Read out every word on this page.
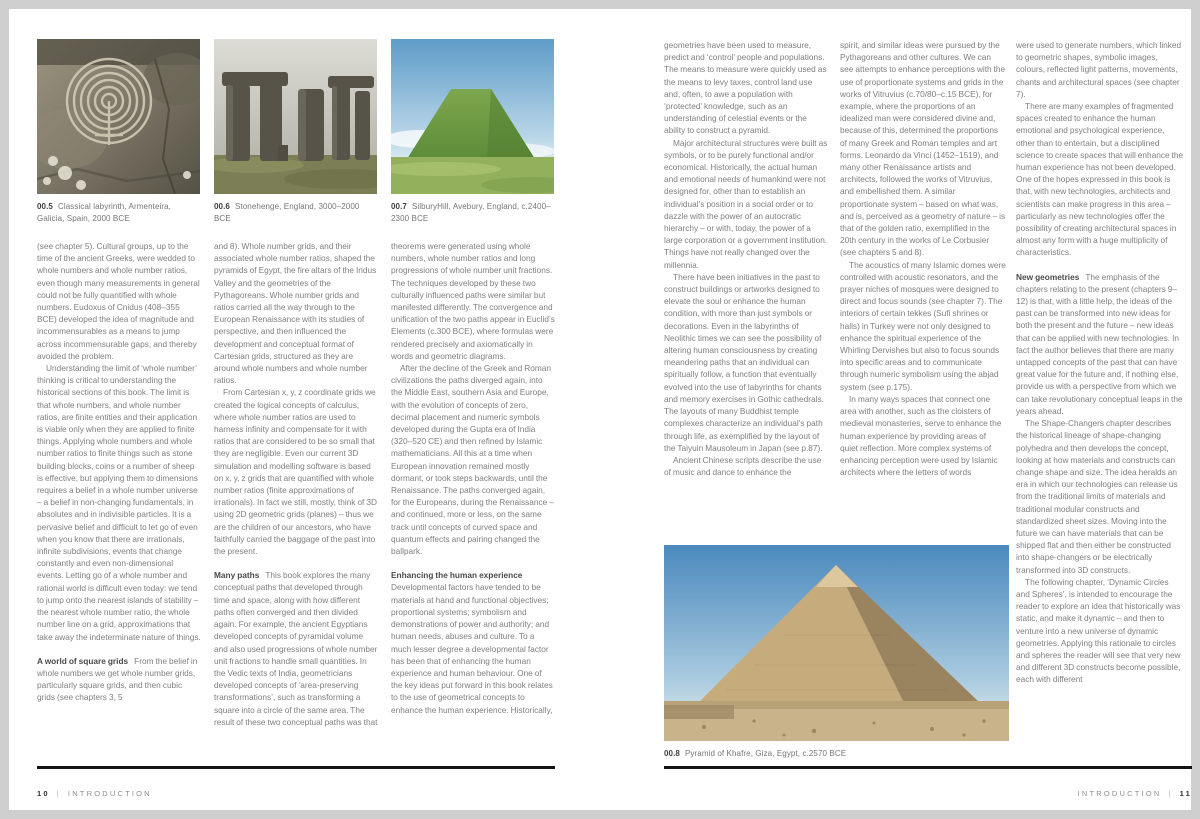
00.5 Classical labyrinth, Armenteira, Galicia, Spain, 2000 BCE
00.6 Stonehenge, England, 3000–2000 BCE
00.7 SilburyHill, Avebury, England, c.2400–2300 BCE

(see chapter 5). Cultural groups, up to the time of the ancient Greeks, were wedded to whole numbers and whole number ratios, even though many measurements in general could not be fully quantified with whole numbers. Eudoxus of Cnidus (408–355 BCE) developed the idea of magnitude and incommensurables as a means to jump across incommensurable gaps, and thereby avoided the problem.

Understanding the limit of ‘whole number’ thinking is critical to understanding the historical sections of this book. The limit is that whole numbers, and whole number ratios, are finite entities and their application is viable only when they are applied to finite things. Applying whole numbers and whole number ratios to finite things such as stone building blocks, coins or a number of sheep is effective, but applying them to dimensions requires a belief in a whole number universe – a belief in non-changing fundamentals, in absolutes and in indivisible particles. It is a pervasive belief and difficult to let go of even when you know that there are irrationals, infinite subdivisions, events that change constantly and even non-dimensional events. Letting go of a whole number and rational world is difficult even today: we tend to jump onto the nearest islands of stability – the nearest whole number ratio, the whole number line on a grid, approximations that take away the indeterminate nature of things.

A world of square grids From the belief in whole numbers we get whole number grids, particularly square grids, and then cubic grids (see chapters 3, 5

and 8). Whole number grids, and their associated whole number ratios, shaped the pyramids of Egypt, the fire altars of the Indus Valley and the geometries of the Pythagoreans. Whole number grids and ratios carried all the way through to the European Renaissance with its studies of perspective, and then influenced the development and conceptual format of Cartesian grids, structured as they are around whole numbers and whole number ratios.

From Cartesian x, y, z coordinate grids we created the logical concepts of calculus, where whole number ratios are used to harness infinity and compensate for it with ratios that are considered to be so small that they are negligible. Even our current 3D simulation and modelling software is based on x, y, z grids that are quantified with whole number ratios (finite approximations of irrationals). In fact we still, mostly, think of 3D using 2D geometric grids (planes) – thus we are the children of our ancestors, who have faithfully carried the baggage of the past into the present.

Many paths This book explores the many conceptual paths that developed through time and space, along with how different paths often converged and then divided again. For example, the ancient Egyptians developed concepts of pyramidal volume and also used progressions of whole number unit fractions to handle small quantities. In the Vedic texts of India, geometricians developed concepts of ‘area-preserving transformations’, such as transforming a square into a circle of the same area. The result of these two conceptual paths was that

theorems were generated using whole numbers, whole number ratios and long progressions of whole number unit fractions. The techniques developed by these two culturally influenced paths were similar but manifested differently. The convergence and unification of the two paths appear in Euclid’s Elements (c.300 BCE), where formulas were rendered precisely and axiomatically in words and geometric diagrams.

After the decline of the Greek and Roman civilizations the paths diverged again, into the Middle East, southern Asia and Europe, with the evolution of concepts of zero, decimal placement and numeric symbols developed during the Gupta era of India (320–520 CE) and then refined by Islamic mathematicians. All this at a time when European innovation remained mostly dormant, or took steps backwards, until the Renaissance. The paths converged again, for the Europeans, during the Renaissance – and continued, more or less, on the same track until concepts of curved space and quantum effects and pairing changed the ballpark.

Enhancing the human experience
Developmental factors have tended to be materials at hand and functional objectives; proportional systems; symbolism and demonstrations of power and authority; and human needs, abuses and culture. To a much lesser degree a developmental factor has been that of enhancing the human experience and human behaviour. One of the key ideas put forward in this book relates to the use of geometrical concepts to enhance the human experience. Historically,

10 | INTRODUCTION

geometries have been used to measure, predict and ‘control’ people and populations. The means to measure were quickly used as the means to levy taxes, control land use and, often, to awe a population with ‘protected’ knowledge, such as an understanding of celestial events or the ability to construct a pyramid.

Major architectural structures were built as symbols, or to be purely functional and/or economical. Historically, the actual human and emotional needs of humankind were not designed for, other than to establish an individual’s position in a social order or to dazzle with the power of an autocratic hierarchy – or with, today, the power of a large corporation or a government institution. Things have not really changed over the millennia.

There have been initiatives in the past to construct buildings or artworks designed to elevate the soul or enhance the human condition, with more than just symbols or decorations. Even in the labyrinths of Neolithic times we can see the possibility of altering human consciousness by creating meandering paths that an individual can spiritually follow, a function that eventually evolved into the use of labyrinths for chants and memory exercises in Gothic cathedrals. The layouts of many Buddhist temple complexes characterize an individual’s path through life, as exemplified by the layout of the Taiyuin Mausoleum in Japan (see p.87).

Ancient Chinese scripts describe the use of music and dance to enhance the

spirit, and similar ideas were pursued by the Pythagoreans and other cultures. We can see attempts to enhance perceptions with the use of proportionate systems and grids in the works of Vitruvius (c.70/80–c.15 BCE), for example, where the proportions of an idealized man were considered divine and, because of this, determined the proportions of many Greek and Roman temples and art forms. Leonardo da Vinci (1452–1519), and many other Renaissance artists and architects, followed the works of Vitruvius, and embellished them. A similar proportionate system – based on what was, and is, perceived as a geometry of nature – is that of the golden ratio, exemplified in the 20th century in the works of Le Corbusier (see chapters 5 and 8).

The acoustics of many Islamic domes were controlled with acoustic resonators, and the prayer niches of mosques were designed to direct and focus sounds (see chapter 7). The interiors of certain tekkes (Sufi shrines or halls) in Turkey were not only designed to enhance the spiritual experience of the Whirling Dervishes but also to focus sounds into specific areas and to communicate through numeric symbolism using the abjad system (see p.175).

In many ways spaces that connect one area with another, such as the cloisters of medieval monasteries, serve to enhance the human experience by providing areas of quiet reflection. More complex systems of enhancing perception were used by Islamic architects where the letters of words

were used to generate numbers, which linked to geometric shapes, symbolic images, colours, reflected light patterns, movements, chants and architectural spaces (see chapter 7).

There are many examples of fragmented spaces created to enhance the human emotional and psychological experience, other than to entertain, but a disciplined science to create spaces that will enhance the human experience has not been developed. One of the hopes expressed in this book is that, with new technologies, architects and scientists can make progress in this area – particularly as new technologies offer the possibility of creating architectural spaces in almost any form with a huge multiplicity of characteristics.

New geometries The emphasis of the chapters relating to the present (chapters 9–12) is that, with a little help, the ideas of the past can be transformed into new ideas for both the present and the future – new ideas that can be applied with new technologies. In fact the author believes that there are many untapped concepts of the past that can have great value for the future and, if nothing else, provide us with a perspective from which we can take revolutionary conceptual leaps in the years ahead.

The Shape-Changers chapter describes the historical lineage of shape-changing polyhedra and then develops the concept, looking at how materials and constructs can change shape and size. The idea heralds an era in which our technologies can release us from the traditional limits of materials and traditional modular constructs and standardized sheet sizes. Moving into the future we can have materials that can be shipped flat and then either be constructed into shape-changers or be electrically transformed into 3D constructs.

The following chapter, ‘Dynamic Circles and Spheres’, is intended to encourage the reader to explore an idea that historically was static, and make it dynamic – and then to venture into a new universe of dynamic geometries. Applying this rationale to circles and spheres the reader will see that very new and different 3D constructs become possible, each with different

00.8 Pyramid of Khafre, Giza, Egypt, c.2570 BCE
INTRODUCTION | 11
